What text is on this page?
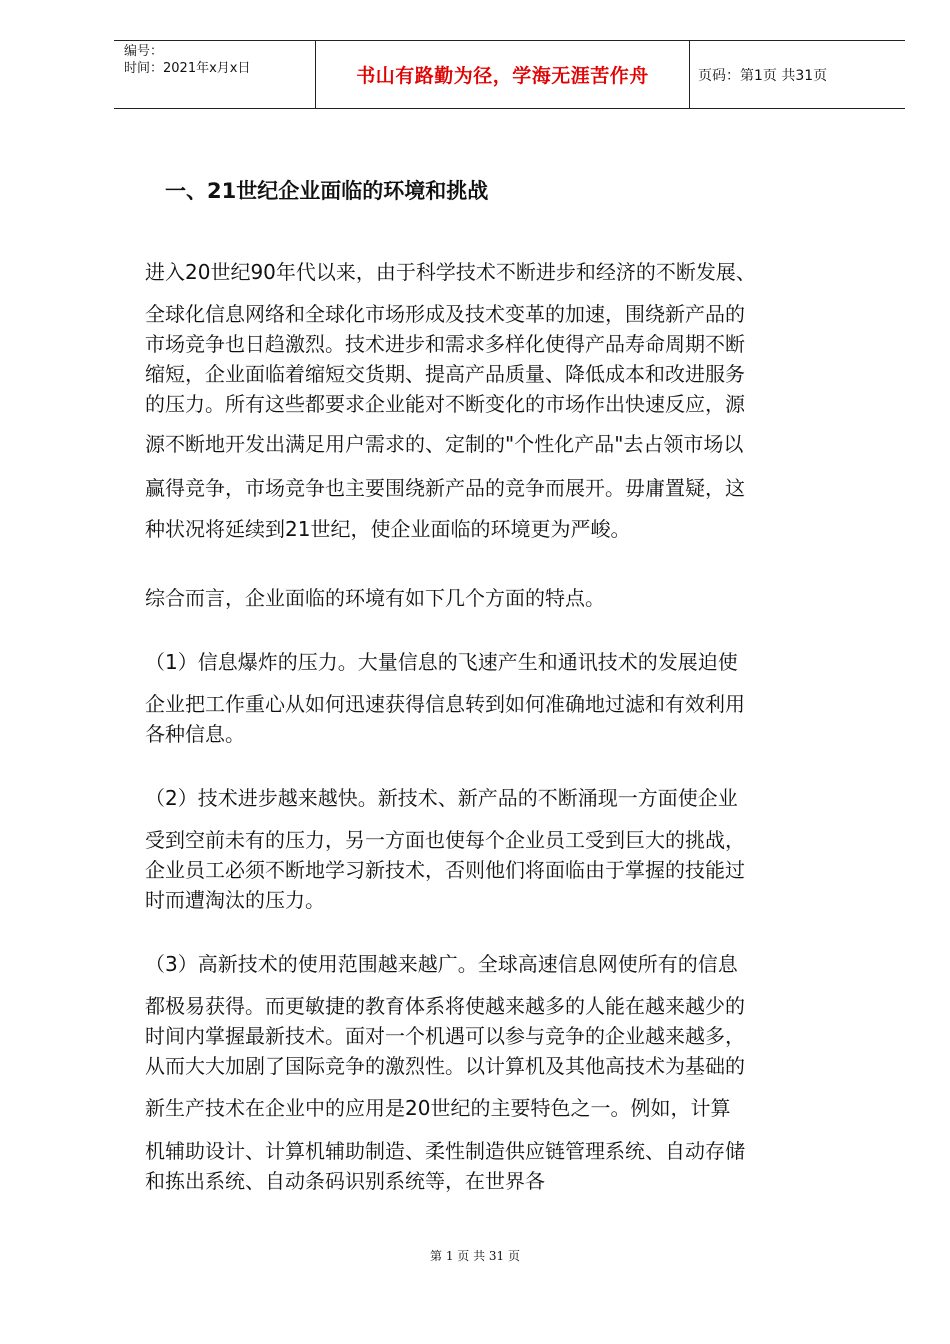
编号：
时间：2021年x月x日	书山有路勤为径，学海无涯苦作舟	页码：第1页 共31页
一、21世纪企业面临的环境和挑战

进入20世纪90年代以来，由于科学技术不断进步和经济的不断发展、

全球化信息网络和全球化市场形成及技术变革的加速，围绕新产品的

市场竞争也日趋激烈。技术进步和需求多样化使得产品寿命周期不断

缩短，企业面临着缩短交货期、提高产品质量、降低成本和改进服务

的压力。所有这些都要求企业能对不断变化的市场作出快速反应，源

源不断地开发出满足用户需求的、定制的"个性化产品"去占领市场以

赢得竞争，市场竞争也主要围绕新产品的竞争而展开。毋庸置疑，这

种状况将延续到21世纪，使企业面临的环境更为严峻。

综合而言，企业面临的环境有如下几个方面的特点。

（1）信息爆炸的压力。大量信息的飞速产生和通讯技术的发展迫使

企业把工作重心从如何迅速获得信息转到如何准确地过滤和有效利用

各种信息。

（2）技术进步越来越快。新技术、新产品的不断涌现一方面使企业

受到空前未有的压力，另一方面也使每个企业员工受到巨大的挑战，

企业员工必须不断地学习新技术，否则他们将面临由于掌握的技能过

时而遭淘汰的压力。

（3）高新技术的使用范围越来越广。全球高速信息网使所有的信息

都极易获得。而更敏捷的教育体系将使越来越多的人能在越来越少的

时间内掌握最新技术。面对一个机遇可以参与竞争的企业越来越多，

从而大大加剧了国际竞争的激烈性。以计算机及其他高技术为基础的

新生产技术在企业中的应用是20世纪的主要特色之一。例如，计算

机辅助设计、计算机辅助制造、柔性制造供应链管理系统、自动存储

和拣出系统、自动条码识别系统等，在世界各

第 1 页 共 31 页
